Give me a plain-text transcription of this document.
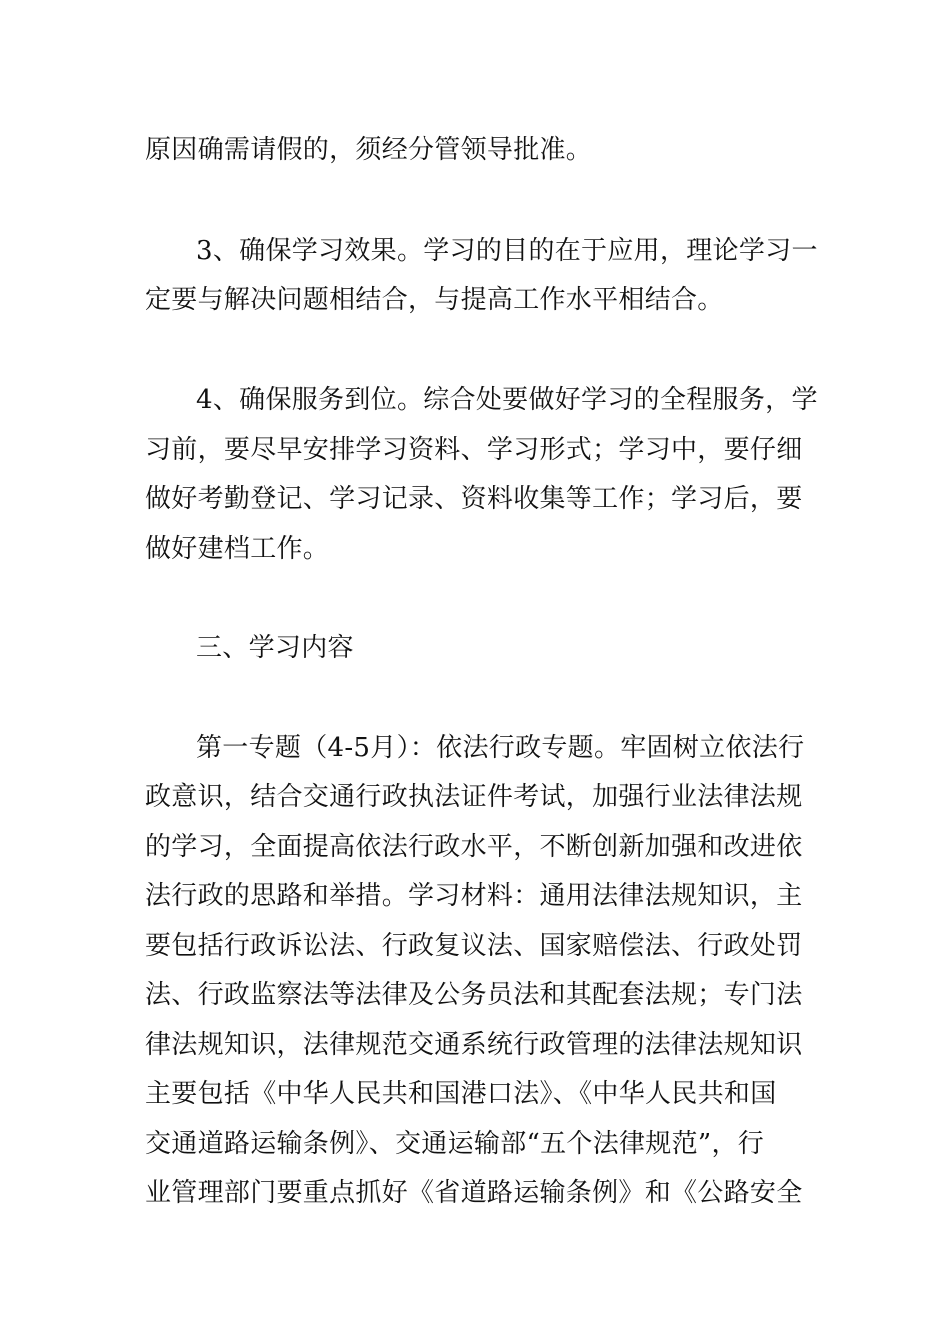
原因确需请假的，须经分管领导批准。
3、确保学习效果。学习的目的在于应用，理论学习一
定要与解决问题相结合，与提高工作水平相结合。
4、确保服务到位。综合处要做好学习的全程服务，学
习前，要尽早安排学习资料、学习形式；学习中，要仔细
做好考勤登记、学习记录、资料收集等工作；学习后，要
做好建档工作。
三、学习内容
第一专题（4-5月）：依法行政专题。牢固树立依法行
政意识，结合交通行政执法证件考试，加强行业法律法规
的学习，全面提高依法行政水平，不断创新加强和改进依
法行政的思路和举措。学习材料：通用法律法规知识，主
要包括行政诉讼法、行政复议法、国家赔偿法、行政处罚
法、行政监察法等法律及公务员法和其配套法规；专门法
律法规知识，法律规范交通系统行政管理的法律法规知识
主要包括《中华人民共和国港口法》、《中华人民共和国
交通道路运输条例》、交通运输部“五个法律规范”，行
业管理部门要重点抓好《省道路运输条例》和《公路安全
